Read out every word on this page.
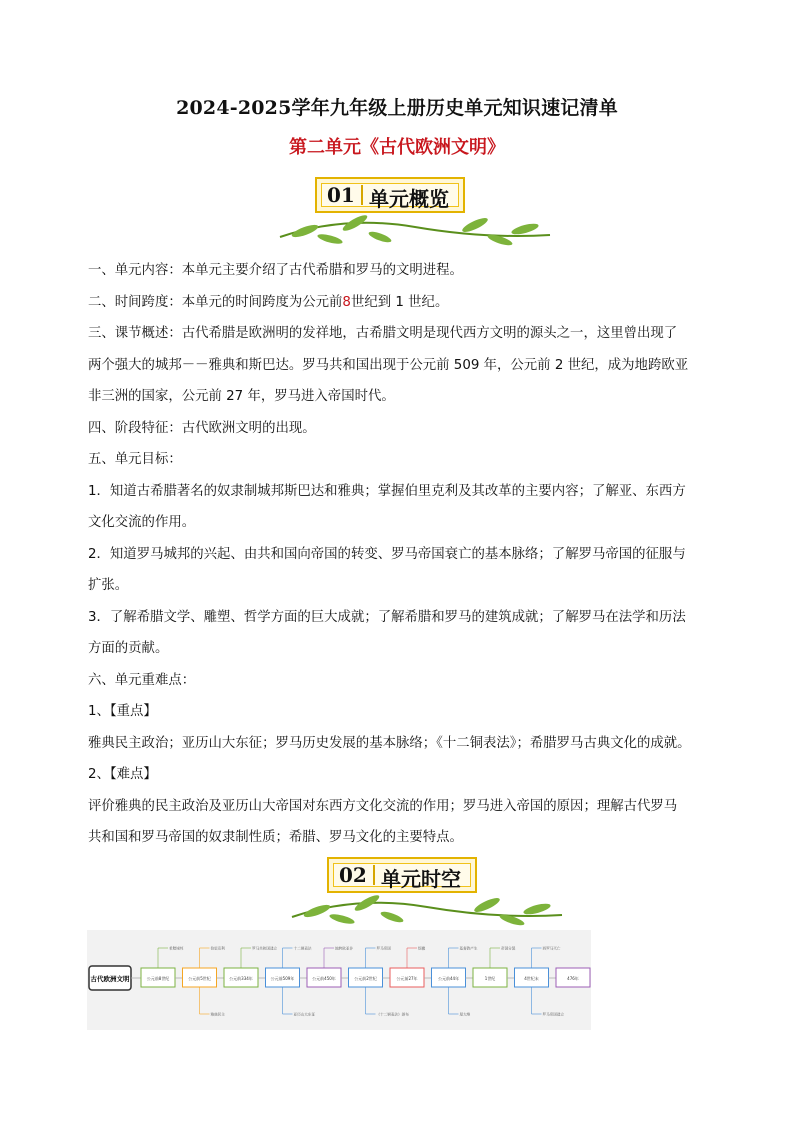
2024-2025学年九年级上册历史单元知识速记清单
第二单元《古代欧洲文明》
01 单元概览

一、单元内容：本单元主要介绍了古代希腊和罗马的文明进程。

二、时间跨度：本单元的时间跨度为公元前8世纪到 1 世纪。

三、课节概述：古代希腊是欧洲明的发祥地，古希腊文明是现代西方文明的源头之一，这里曾出现了

两个强大的城邦－－雅典和斯巴达。罗马共和国出现于公元前 509 年，公元前 2 世纪，成为地跨欧亚

非三洲的国家，公元前 27 年，罗马进入帝国时代。

四、阶段特征：古代欧洲文明的出现。

五、单元目标：

1．知道古希腊著名的奴隶制城邦斯巴达和雅典；掌握伯里克利及其改革的主要内容；了解亚、东西方

文化交流的作用。

2．知道罗马城邦的兴起、由共和国向帝国的转变、罗马帝国衰亡的基本脉络；了解罗马帝国的征服与

扩张。

3．了解希腊文学、雕塑、哲学方面的巨大成就；了解希腊和罗马的建筑成就；了解罗马在法学和历法

方面的贡献。

六、单元重难点：

1、【重点】

雅典民主政治；亚历山大东征；罗马历史发展的基本脉络；《十二铜表法》；希腊罗马古典文化的成就。

2、【难点】

评价雅典的民主政治及亚历山大帝国对东西方文化交流的作用；罗马进入帝国的原因；理解古代罗马

共和国和罗马帝国的奴隶制性质；希腊、罗马文化的主要特点。

02 单元时空
古代欧洲文明	公元前8世纪
希腊城邦
公元前5世纪
伯里克利
雅典民主
公元前334年
罗马共和国建立
公元前509年
十二铜表法
亚历山大东征
公元前450年
地跨欧亚非
公元前2世纪
罗马帝国
《十二铜表法》颁布
公元前27年
恺撒
公元前44年
基督教产生
屋大维
1世纪
帝国分裂
4世纪末
西罗马灭亡
罗马帝国建立
476年
